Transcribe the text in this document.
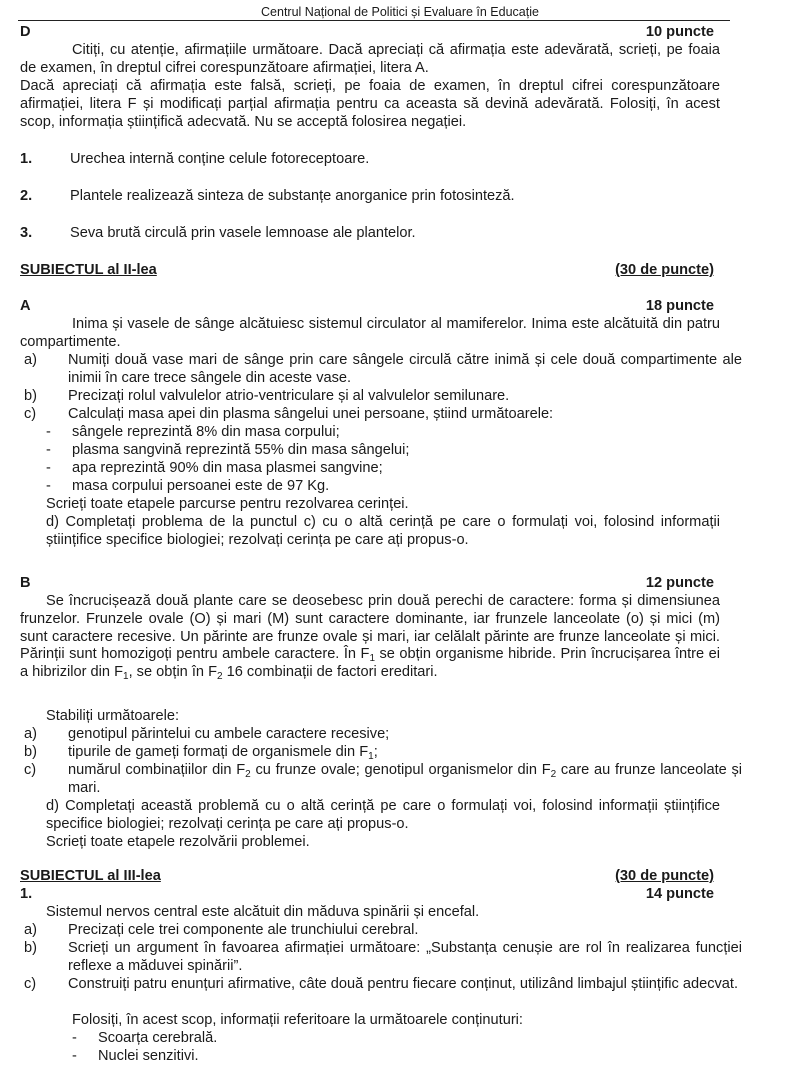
Centrul Național de Politici și Evaluare în Educație
D	10 puncte
Citiți, cu atenție, afirmațiile următoare. Dacă apreciați că afirmația este adevărată, scrieți, pe foaia de examen, în dreptul cifrei corespunzătoare afirmației, litera A.
Dacă apreciați că afirmația este falsă, scrieți, pe foaia de examen, în dreptul cifrei corespunzătoare afirmației, litera F și modificați parțial afirmația pentru ca aceasta să devină adevărată. Folosiți, în acest scop, informația științifică adecvată. Nu se acceptă folosirea negației.
1.	Urechea internă conține celule fotoreceptoare.
2.	Plantele realizează sinteza de substanțe anorganice prin fotosinteză.
3.	Seva brută circulă prin vasele lemnoase ale plantelor.
SUBIECTUL al II-lea	(30 de puncte)
A	18 puncte
Inima și vasele de sânge alcătuiesc sistemul circulator al mamiferelor. Inima este alcătuită din patru compartimente.
a) Numiți două vase mari de sânge prin care sângele circulă către inimă și cele două compartimente ale inimii în care trece sângele din aceste vase.
b) Precizați rolul valvulelor atrio-ventriculare și al valvulelor semilunare.
c) Calculați masa apei din plasma sângelui unei persoane, știind următoarele:
- sângele reprezintă 8% din masa corpului;
- plasma sangvină reprezintă 55% din masa sângelui;
- apa reprezintă 90% din masa plasmei sangvine;
- masa corpului persoanei este de 97 Kg.
Scrieți toate etapele parcurse pentru rezolvarea cerinței.
d) Completați problema de la punctul c) cu o altă cerință pe care o formulați voi, folosind informații științifice specifice biologiei; rezolvați cerința pe care ați propus-o.
B	12 puncte
Se încrucișează două plante care se deosebesc prin două perechi de caractere: forma și dimensiunea frunzelor. Frunzele ovale (O) și mari (M) sunt caractere dominante, iar frunzele lanceolate (o) și mici (m) sunt caractere recesive. Un părinte are frunze ovale și mari, iar celălalt părinte are frunze lanceolate și mici. Părinții sunt homozigoți pentru ambele caractere. În $F_1$ se obțin organisme hibride. Prin încrucișarea între ei a hibrizilor din $F_1$, se obțin în $F_2$ 16 combinații de factori ereditari.
Stabiliți următoarele:
a) genotipul părintelui cu ambele caractere recesive;
b) tipurile de gameți formați de organismele din $F_1$;
c) numărul combinațiilor din $F_2$ cu frunze ovale; genotipul organismelor din $F_2$ care au frunze lanceolate și mari.
d) Completați această problemă cu o altă cerință pe care o formulați voi, folosind informații științifice specifice biologiei; rezolvați cerința pe care ați propus-o.
Scrieți toate etapele rezolvării problemei.
SUBIECTUL al III-lea	(30 de puncte)
1.	14 puncte
Sistemul nervos central este alcătuit din măduva spinării și encefal.
a) Precizați cele trei componente ale trunchiului cerebral.
b) Scrieți un argument în favoarea afirmației următoare: „Substanța cenușie are rol în realizarea funcției reflexe a măduvei spinării”.
c) Construiți patru enunțuri afirmative, câte două pentru fiecare conținut, utilizând limbajul științific adecvat.
Folosiți, în acest scop, informații referitoare la următoarele conținuturi:
- Scoarța cerebrală.
- Nuclei senzitivi.
